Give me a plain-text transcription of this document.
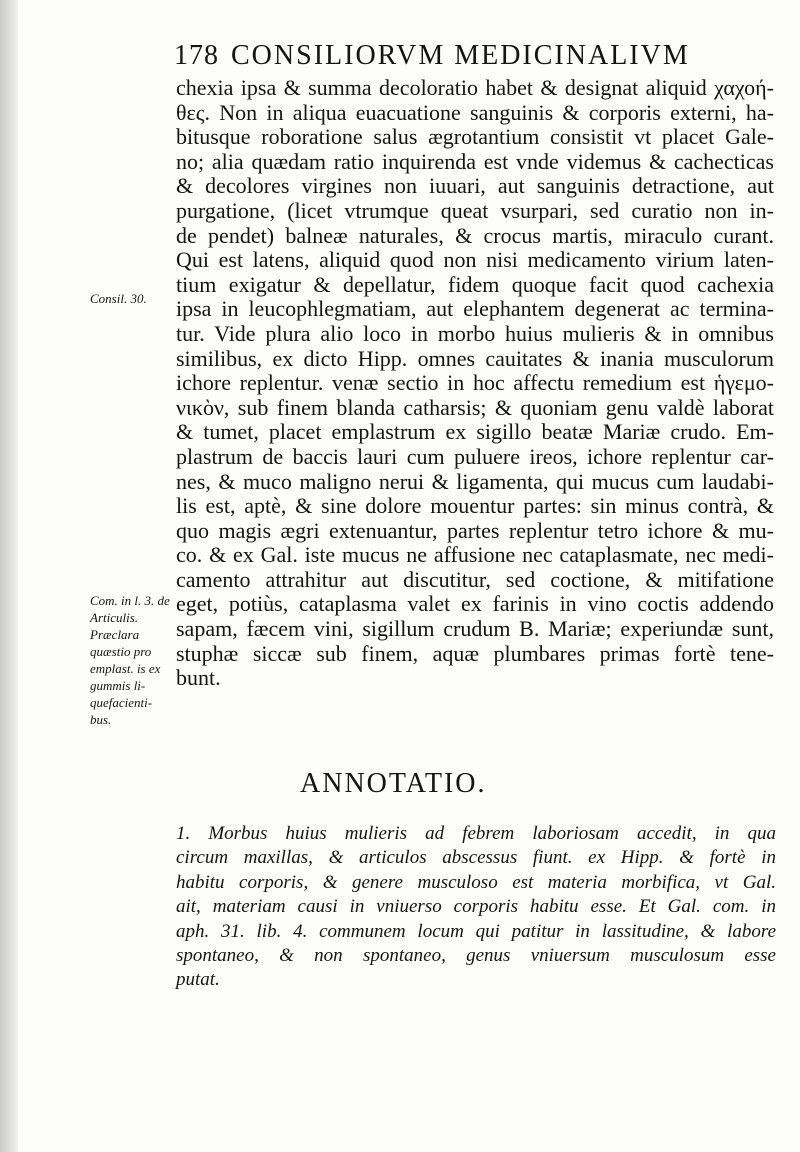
178 CONSILIORVM MEDICINALIVM
chexia ipsa & summa decoloratio habet & designat aliquid χαχοή-
θες. Non in aliqua euacuatione sanguinis & corporis externi, ha-
bitusque roboratione salus ægrotantium consistit vt placet Gale-
no; alia quædam ratio inquirenda est vnde videmus & cachecticas
& decolores virgines non iuuari, aut sanguinis detractione, aut
purgatione, (licet vtrumque queat vsurpari, sed curatio non in-
de pendet) balneæ naturales, & crocus martis, miraculo curant.
Qui est latens, aliquid quod non nisi medicamento virium laten-
tium exigatur & depellatur, fidem quoque facit quod cachexia
ipsa in leucophlegmatiam, aut elephantem degenerat ac termina-
tur. Vide plura alio loco in morbo huius mulieris & in omnibus
similibus, ex dicto Hipp. omnes cauitates & inania musculorum
ichore replentur. venæ sectio in hoc affectu remedium est ἡγεμο-
νικὸν, sub finem blanda catharsis; & quoniam genu valdè laborat
& tumet, placet emplastrum ex sigillo beatæ Mariæ crudo. Em-
plastrum de baccis lauri cum puluere ireos, ichore replentur car-
nes, & muco maligno nerui & ligamenta, qui mucus cum laudabi-
lis est, aptè, & sine dolore mouentur partes: sin minus contrà, &
quo magis ægri extenuantur, partes replentur tetro ichore & mu-
co. & ex Gal. iste mucus ne affusione nec cataplasmate, nec medi-
camento attrahitur aut discutitur, sed coctione, & mitifatione
eget, potiùs, cataplasma valet ex farinis in vino coctis addendo
sapam, fæcem vini, sigillum crudum B. Mariæ; experiundæ sunt,
stuphæ siccæ sub finem, aquæ plumbares primas fortè tene-
bunt.
Consil. 30.
Com. in l. 3. de
Articulis.
Præclara
quæstio pro
emplast. is ex
gummis li-
quefacienti-
bus.
ANNOTATIO.
1. Morbus huius mulieris ad febrem laboriosam accedit, in qua
circum maxillas, & articulos abscessus fiunt. ex Hipp. & fortè in
habitu corporis, & genere musculoso est materia morbifica, vt Gal.
ait, materiam causi in vniuerso corporis habitu esse. Et Gal. com. in
aph. 31. lib. 4. communem locum qui patitur in lassitudine, & labore
spontaneo, & non spontaneo, genus vniuersum musculosum esse
putat.
